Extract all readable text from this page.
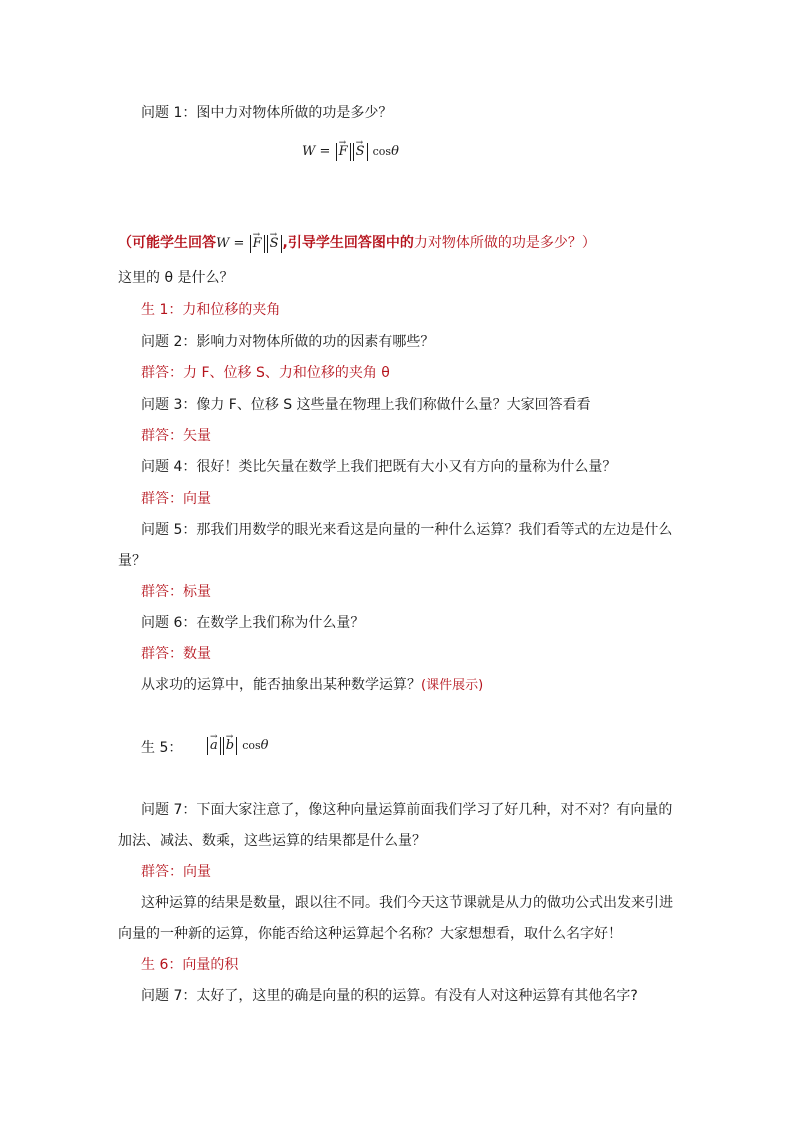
问题 1：图中力对物体所做的功是多少？
W = → F → S cosθ
（可能学生回答W = → F → S ,引导学生回答图中的力对物体所做的功是多少？）
这里的 θ 是什么？
生 1：力和位移的夹角
问题 2：影响力对物体所做的功的因素有哪些？
群答：力 F、位移 S、力和位移的夹角 θ
问题 3：像力 F、位移 S 这些量在物理上我们称做什么量？大家回答看看
群答：矢量
问题 4：很好！类比矢量在数学上我们把既有大小又有方向的量称为什么量？
群答：向量
问题 5：那我们用数学的眼光来看这是向量的一种什么运算？我们看等式的左边是什么
量？
群答：标量
问题 6：在数学上我们称为什么量？
群答：数量
从求功的运算中，能否抽象出某种数学运算？(课件展示)
生 5：	→ a → b cosθ
问题 7：下面大家注意了，像这种向量运算前面我们学习了好几种，对不对？有向量的
加法、减法、数乘，这些运算的结果都是什么量？
群答：向量
这种运算的结果是数量，跟以往不同。我们今天这节课就是从力的做功公式出发来引进
向量的一种新的运算，你能否给这种运算起个名称？大家想想看，取什么名字好！
生 6：向量的积
问题 7：太好了，这里的确是向量的积的运算。有没有人对这种运算有其他名字?
